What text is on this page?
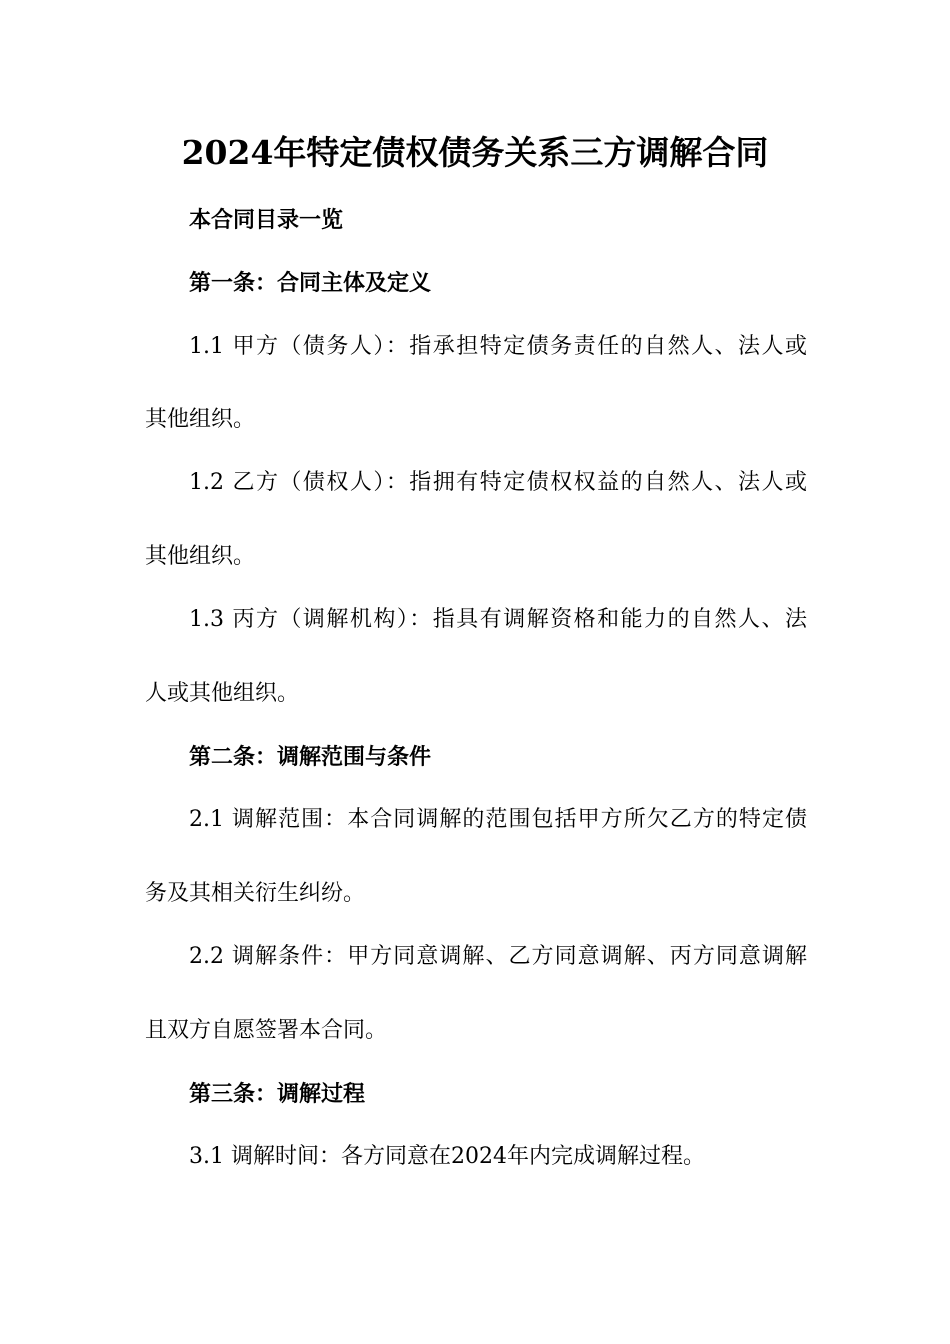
2024年特定债权债务关系三方调解合同
本合同目录一览
第一条：合同主体及定义
1.1 甲方（债务人）：指承担特定债务责任的自然人、法人或
其他组织。
1.2 乙方（债权人）：指拥有特定债权权益的自然人、法人或
其他组织。
1.3 丙方（调解机构）：指具有调解资格和能力的自然人、法
人或其他组织。
第二条：调解范围与条件
2.1 调解范围：本合同调解的范围包括甲方所欠乙方的特定债
务及其相关衍生纠纷。
2.2 调解条件：甲方同意调解、乙方同意调解、丙方同意调解
且双方自愿签署本合同。
第三条：调解过程
3.1 调解时间：各方同意在2024年内完成调解过程。
